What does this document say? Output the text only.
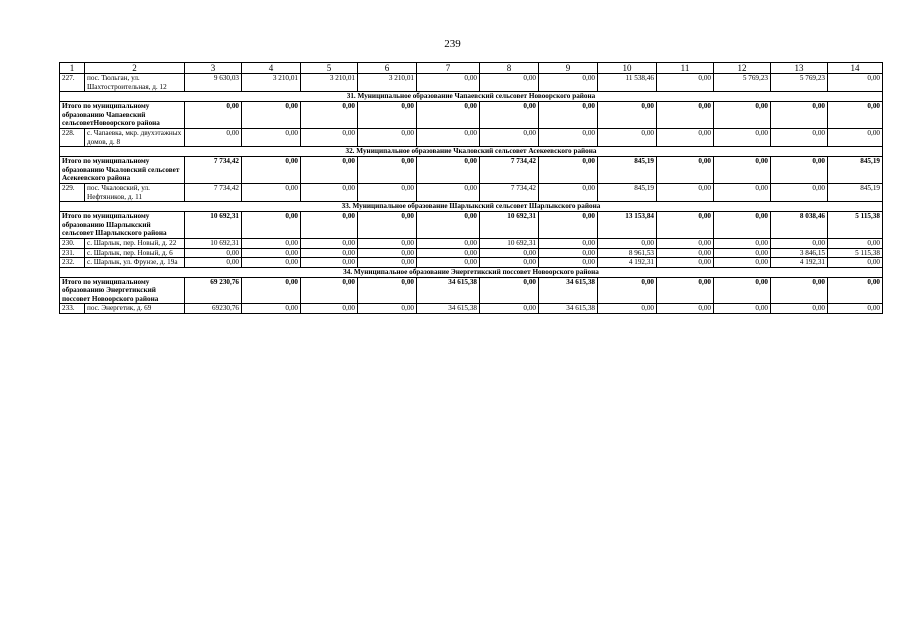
239
1	2	3	4	5	6	7	8	9	10	11	12	13	14
227.	пос. Тюльган, ул. Шахтостроительная, д. 12	9 630,03	3 210,01	3 210,01	3 210,01	0,00	0,00	0,00	11 538,46	0,00	5 769,23	5 769,23	0,00
31. Муниципальное образование Чапаевский сельсовет Новоорского района													
Итого по муниципальному образованию Чапаевский сельсоветНовоорского района		0,00	0,00	0,00	0,00	0,00	0,00	0,00	0,00	0,00	0,00	0,00	0,00
228.	с. Чапаевка, мкр. двухэтажных домов, д. 8	0,00	0,00	0,00	0,00	0,00	0,00	0,00	0,00	0,00	0,00	0,00	0,00
32. Муниципальное образование Чкаловский сельсовет Асекеевского района													
Итого по муниципальному образованию Чкаловский сельсовет Асекеевского района		7 734,42	0,00	0,00	0,00	0,00	7 734,42	0,00	845,19	0,00	0,00	0,00	845,19
229.	пос. Чкаловский, ул. Нефтяников, д. 11	7 734,42	0,00	0,00	0,00	0,00	7 734,42	0,00	845,19	0,00	0,00	0,00	845,19
33. Муниципальное образование Шарлыкский сельсовет Шарлыкского района													
Итого по муниципальному образованию Шарлыкский сельсовет Шарлыкского района		10 692,31	0,00	0,00	0,00	0,00	10 692,31	0,00	13 153,84	0,00	0,00	8 038,46	5 115,38
230.	с. Шарлык, пер. Новый, д. 22	10 692,31	0,00	0,00	0,00	0,00	10 692,31	0,00	0,00	0,00	0,00	0,00	0,00
231.	с. Шарлык, пер. Новый, д. 6	0,00	0,00	0,00	0,00	0,00	0,00	0,00	8 961,53	0,00	0,00	3 846,15	5 115,38
232.	с. Шарлык, ул. Фрунзе, д. 19а	0,00	0,00	0,00	0,00	0,00	0,00	0,00	4 192,31	0,00	0,00	4 192,31	0,00
34. Муниципальное образование Энергетикский поссовет Новоорского района													
Итого по муниципальному образованию Энергетикский поссовет Новоорского района		69 230,76	0,00	0,00	0,00	34 615,38	0,00	34 615,38	0,00	0,00	0,00	0,00	0,00
233.	пос. Энергетик, д. 69	69230,76	0,00	0,00	0,00	34 615,38	0,00	34 615,38	0,00	0,00	0,00	0,00	0,00
